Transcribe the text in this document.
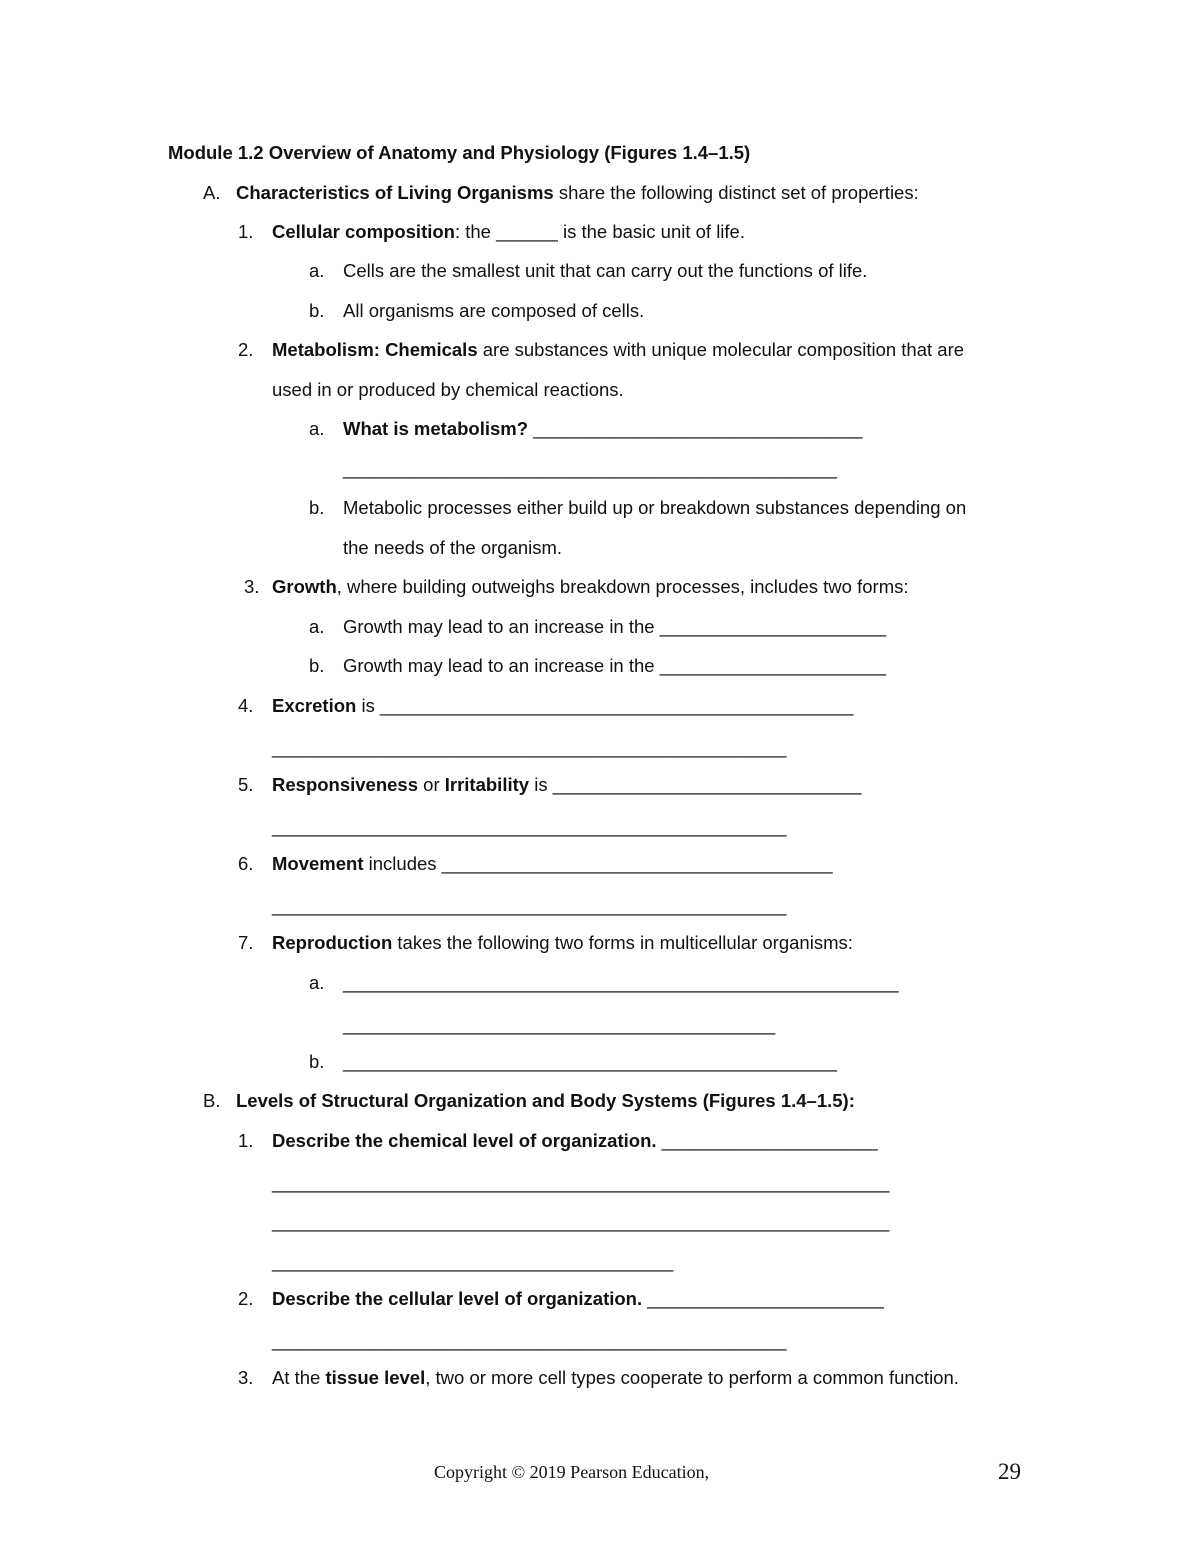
Module 1.2 Overview of Anatomy and Physiology (Figures 1.4–1.5)
A. Characteristics of Living Organisms share the following distinct set of properties:
1. Cellular composition: the ______ is the basic unit of life.
a. Cells are the smallest unit that can carry out the functions of life.
b. All organisms are composed of cells.
2. Metabolism: Chemicals are substances with unique molecular composition that are
used in or produced by chemical reactions.
a. What is metabolism? ________________________________
________________________________________________
b. Metabolic processes either build up or breakdown substances depending on
the needs of the organism.
3. Growth, where building outweighs breakdown processes, includes two forms:
a. Growth may lead to an increase in the ______________________
b. Growth may lead to an increase in the ______________________
4. Excretion is ______________________________________________
__________________________________________________
5. Responsiveness or Irritability is ______________________________
__________________________________________________
6. Movement includes ______________________________________
__________________________________________________
7. Reproduction takes the following two forms in multicellular organisms:
a. ______________________________________________________
__________________________________________
b. ________________________________________________
B. Levels of Structural Organization and Body Systems (Figures 1.4–1.5):
1. Describe the chemical level of organization. _____________________
____________________________________________________________
____________________________________________________________
_______________________________________
2. Describe the cellular level of organization. _______________________
__________________________________________________
3. At the tissue level, two or more cell types cooperate to perform a common function.
Copyright © 2019 Pearson Education,	29
